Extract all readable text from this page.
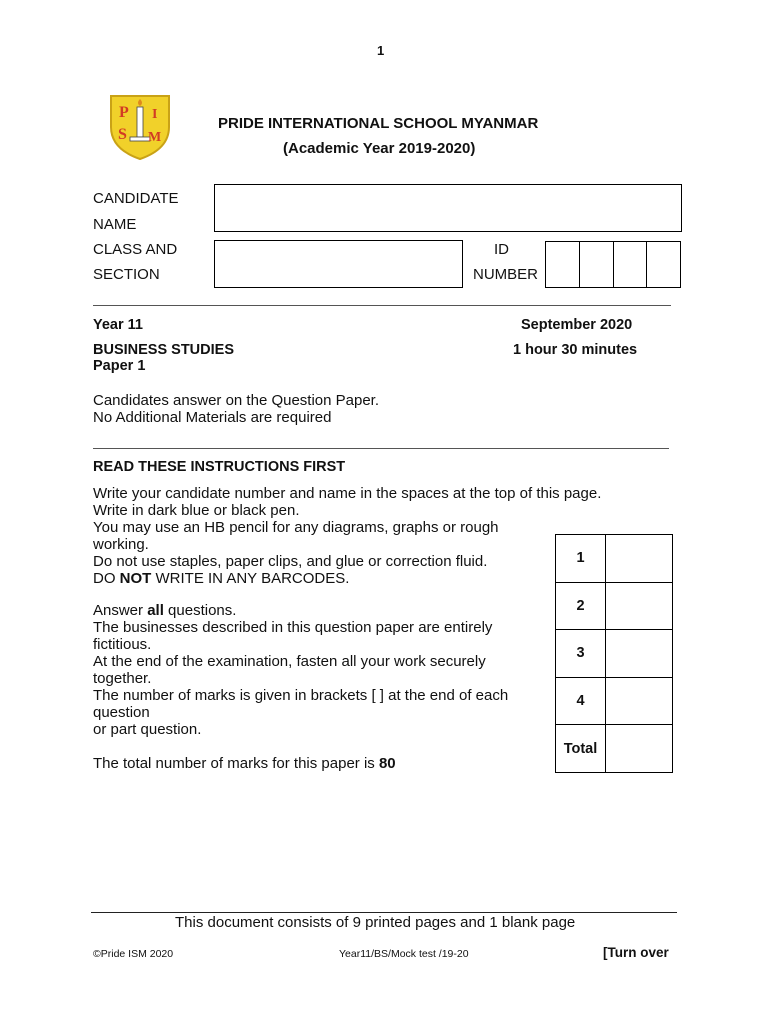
1
P I
S M
PRIDE INTERNATIONAL SCHOOL MYANMAR
(Academic Year 2019-2020)
CANDIDATE
NAME
CLASS AND
SECTION
ID
NUMBER

Year 11	September 2020
BUSINESS STUDIES	1 hour 30 minutes
Paper 1
Candidates answer on the Question Paper.
No Additional Materials are required
READ THESE INSTRUCTIONS FIRST

Write your candidate number and name in the spaces at the top of this page.

Write in dark blue or black pen.

You may use an HB pencil for any diagrams, graphs or rough

working.

Do not use staples, paper clips, and glue or correction fluid.

DO NOT WRITE IN ANY BARCODES.

Answer all questions.

The businesses described in this question paper are entirely

fictitious.

At the end of the examination, fasten all your work securely

together.

The number of marks is given in brackets [ ] at the end of each

question

or part question.

The total number of marks for this paper is 80

1	
2	
3	
4	
Total	
This document consists of 9 printed pages and 1 blank page
©Pride ISM 2020	Year11/BS/Mock test /19-20	[Turn over
